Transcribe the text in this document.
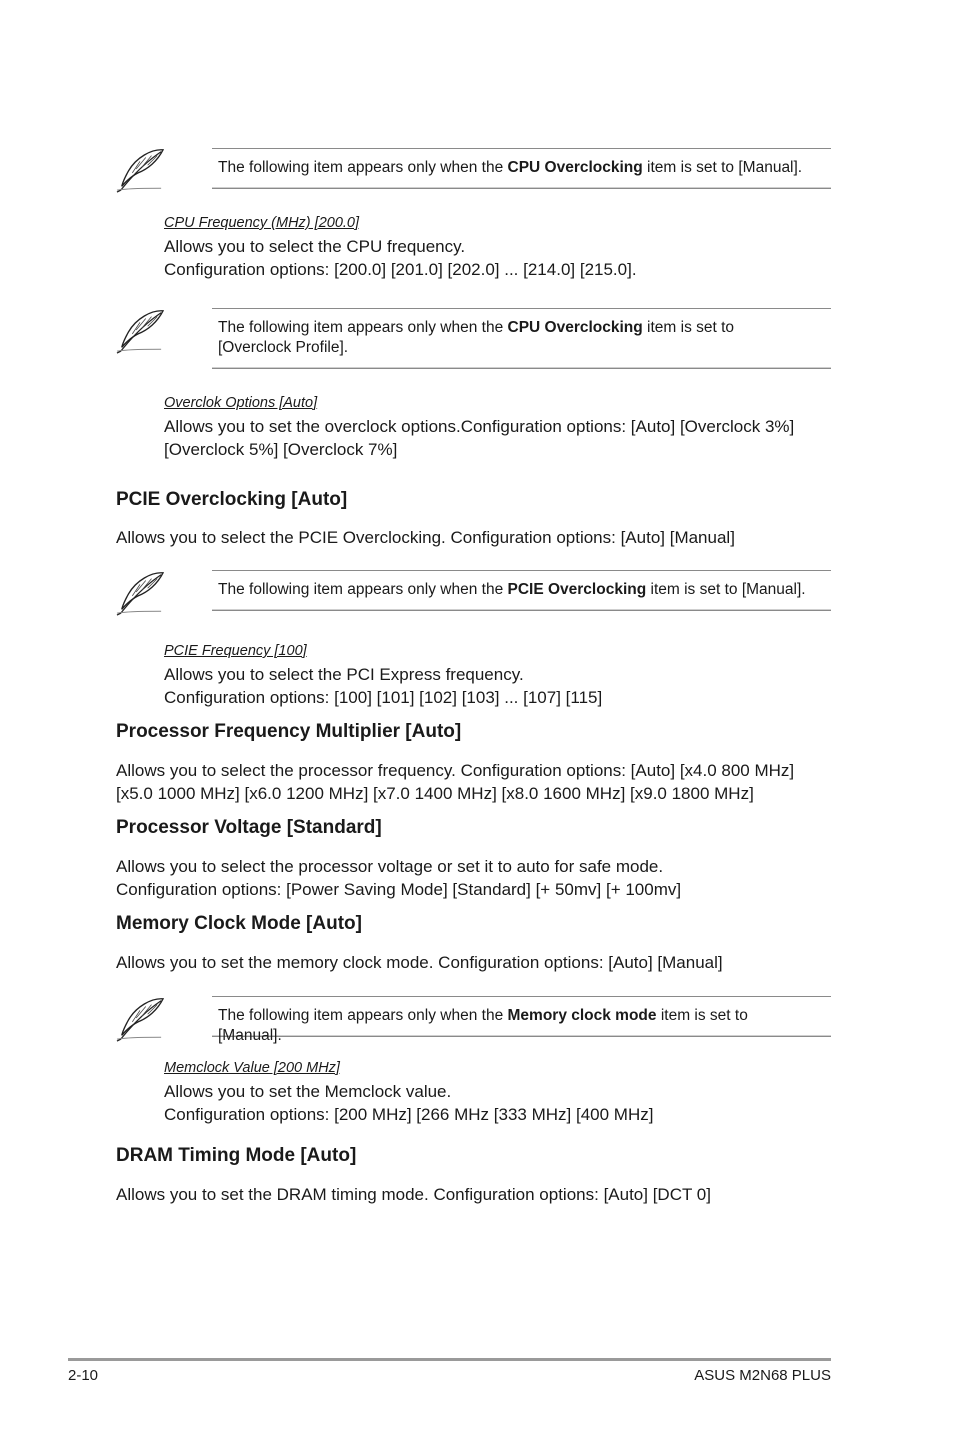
The following item appears only when the CPU Overclocking item is set to [Manual].
CPU Frequency (MHz) [200.0]
Allows you to select the CPU frequency.
Configuration options: [200.0] [201.0] [202.0] ... [214.0] [215.0].
The following item appears only when the CPU Overclocking item is set to [Overclock Profile].
Overclok Options [Auto]
Allows you to set the overclock options.Configuration options: [Auto] [Overclock 3%] [Overclock 5%] [Overclock 7%]
PCIE Overclocking [Auto]
Allows you to select the PCIE Overclocking. Configuration options: [Auto] [Manual]
The following item appears only when the PCIE Overclocking item is set to [Manual].
PCIE Frequency [100]
Allows you to select the PCI Express frequency.
Configuration options: [100] [101] [102] [103] ... [107] [115]
Processor Frequency Multiplier [Auto]
Allows you to select the processor frequency. Configuration options: [Auto] [x4.0 800 MHz] [x5.0 1000 MHz] [x6.0 1200 MHz] [x7.0 1400 MHz] [x8.0 1600 MHz] [x9.0 1800 MHz]
Processor Voltage [Standard]
Allows you to select the processor voltage or set it to auto for safe mode.
Configuration options: [Power Saving Mode] [Standard] [+ 50mv] [+ 100mv]
Memory Clock Mode [Auto]
Allows you to set the memory clock mode. Configuration options: [Auto] [Manual]
The following item appears only when the Memory clock mode item is set to [Manual].
Memclock Value [200 MHz]
Allows you to set the Memclock value.
Configuration options: [200 MHz] [266 MHz [333 MHz] [400 MHz]
DRAM Timing Mode [Auto]
Allows you to set the DRAM timing mode. Configuration options: [Auto] [DCT 0]
2-10	ASUS M2N68 PLUS
